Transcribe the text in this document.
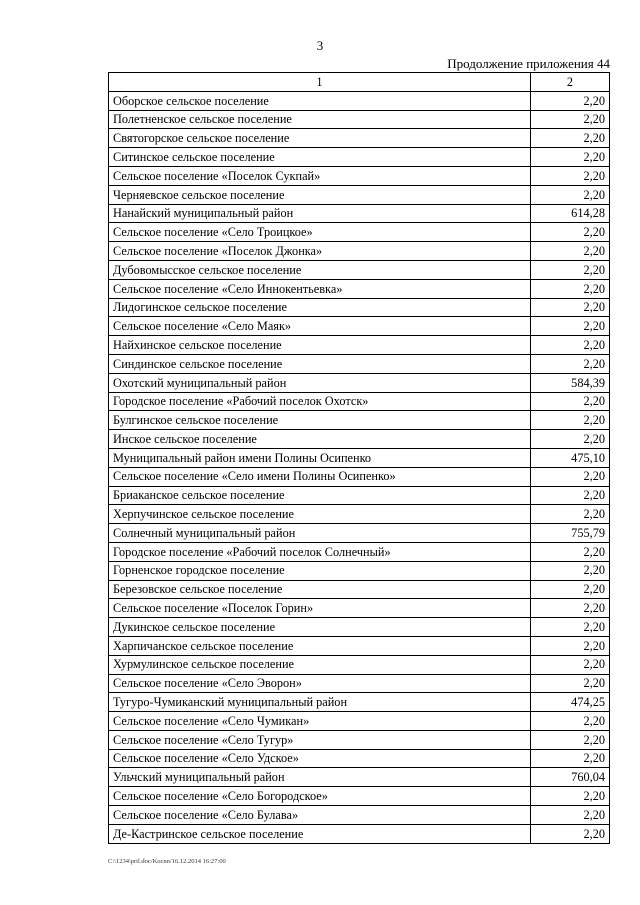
3
Продолжение приложения 44
1	2
Оборское сельское поселение	2,20
Полетненское сельское поселение	2,20
Святогорское сельское поселение	2,20
Ситинское сельское поселение	2,20
Сельское поселение «Поселок Сукпай»	2,20
Черняевское сельское поселение	2,20
Нанайский муниципальный район	614,28
Сельское поселение «Село Троицкое»	2,20
Сельское поселение «Поселок Джонка»	2,20
Дубовомысское сельское поселение	2,20
Сельское поселение «Село Иннокентьевка»	2,20
Лидогинское сельское поселение	2,20
Сельское поселение «Село Маяк»	2,20
Найхинское сельское поселение	2,20
Синдинское сельское поселение	2,20
Охотский муниципальный район	584,39
Городское поселение «Рабочий поселок Охотск»	2,20
Булгинское сельское поселение	2,20
Инское сельское поселение	2,20
Муниципальный район имени Полины Осипенко	475,10
Сельское поселение «Село имени Полины Осипенко»	2,20
Бриаканское сельское поселение	2,20
Херпучинское сельское поселение	2,20
Солнечный муниципальный район	755,79
Городское поселение «Рабочий поселок Солнечный»	2,20
Горненское городское поселение	2,20
Березовское сельское поселение	2,20
Сельское поселение «Поселок Горин»	2,20
Дукинское сельское поселение	2,20
Харпичанское сельское поселение	2,20
Хурмулинское сельское поселение	2,20
Сельское поселение «Село Эворон»	2,20
Тугуро-Чумиканский муниципальный район	474,25
Сельское поселение «Село Чумикан»	2,20
Сельское поселение «Село Тугур»	2,20
Сельское поселение «Село Удское»	2,20
Ульчский муниципальный район	760,04
Сельское поселение «Село Богородское»	2,20
Сельское поселение «Село Булава»	2,20
Де-Кастринское сельское поселение	2,20
C:\1234\pril.doc/Kocnn/16.12.2014 16:27:00
